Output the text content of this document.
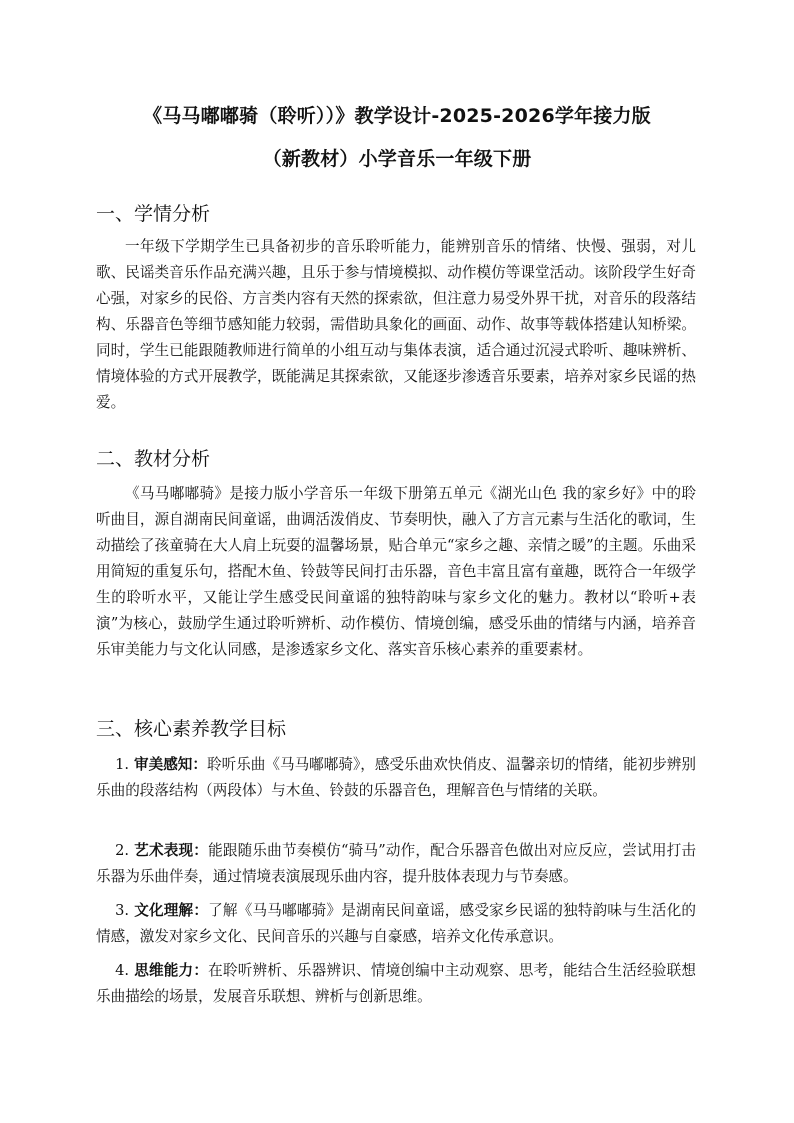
《马马嘟嘟骑（聆听））》教学设计-2025-2026学年接力版
（新教材）小学音乐一年级下册
一、学情分析

一年级下学期学生已具备初步的音乐聆听能力，能辨别音乐的情绪、快慢、强弱，对儿歌、民谣类音乐作品充满兴趣，且乐于参与情境模拟、动作模仿等课堂活动。该阶段学生好奇心强，对家乡的民俗、方言类内容有天然的探索欲，但注意力易受外界干扰，对音乐的段落结构、乐器音色等细节感知能力较弱，需借助具象化的画面、动作、故事等载体搭建认知桥梁。同时，学生已能跟随教师进行简单的小组互动与集体表演，适合通过沉浸式聆听、趣味辨析、情境体验的方式开展教学，既能满足其探索欲，又能逐步渗透音乐要素，培养对家乡民谣的热爱。

二、教材分析

《马马嘟嘟骑》是接力版小学音乐一年级下册第五单元《湖光山色 我的家乡好》中的聆听曲目，源自湖南民间童谣，曲调活泼俏皮、节奏明快，融入了方言元素与生活化的歌词，生动描绘了孩童骑在大人肩上玩耍的温馨场景，贴合单元“家乡之趣、亲情之暖”的主题。乐曲采用简短的重复乐句，搭配木鱼、铃鼓等民间打击乐器，音色丰富且富有童趣，既符合一年级学生的聆听水平，又能让学生感受民间童谣的独特韵味与家乡文化的魅力。教材以“聆听+表演”为核心，鼓励学生通过聆听辨析、动作模仿、情境创编，感受乐曲的情绪与内涵，培养音乐审美能力与文化认同感，是渗透家乡文化、落实音乐核心素养的重要素材。

三、核心素养教学目标

1. 审美感知：聆听乐曲《马马嘟嘟骑》，感受乐曲欢快俏皮、温馨亲切的情绪，能初步辨别乐曲的段落结构（两段体）与木鱼、铃鼓的乐器音色，理解音色与情绪的关联。

2. 艺术表现：能跟随乐曲节奏模仿“骑马”动作，配合乐器音色做出对应反应，尝试用打击乐器为乐曲伴奏，通过情境表演展现乐曲内容，提升肢体表现力与节奏感。

3. 文化理解：了解《马马嘟嘟骑》是湖南民间童谣，感受家乡民谣的独特韵味与生活化的情感，激发对家乡文化、民间音乐的兴趣与自豪感，培养文化传承意识。

4. 思维能力：在聆听辨析、乐器辨识、情境创编中主动观察、思考，能结合生活经验联想乐曲描绘的场景，发展音乐联想、辨析与创新思维。
